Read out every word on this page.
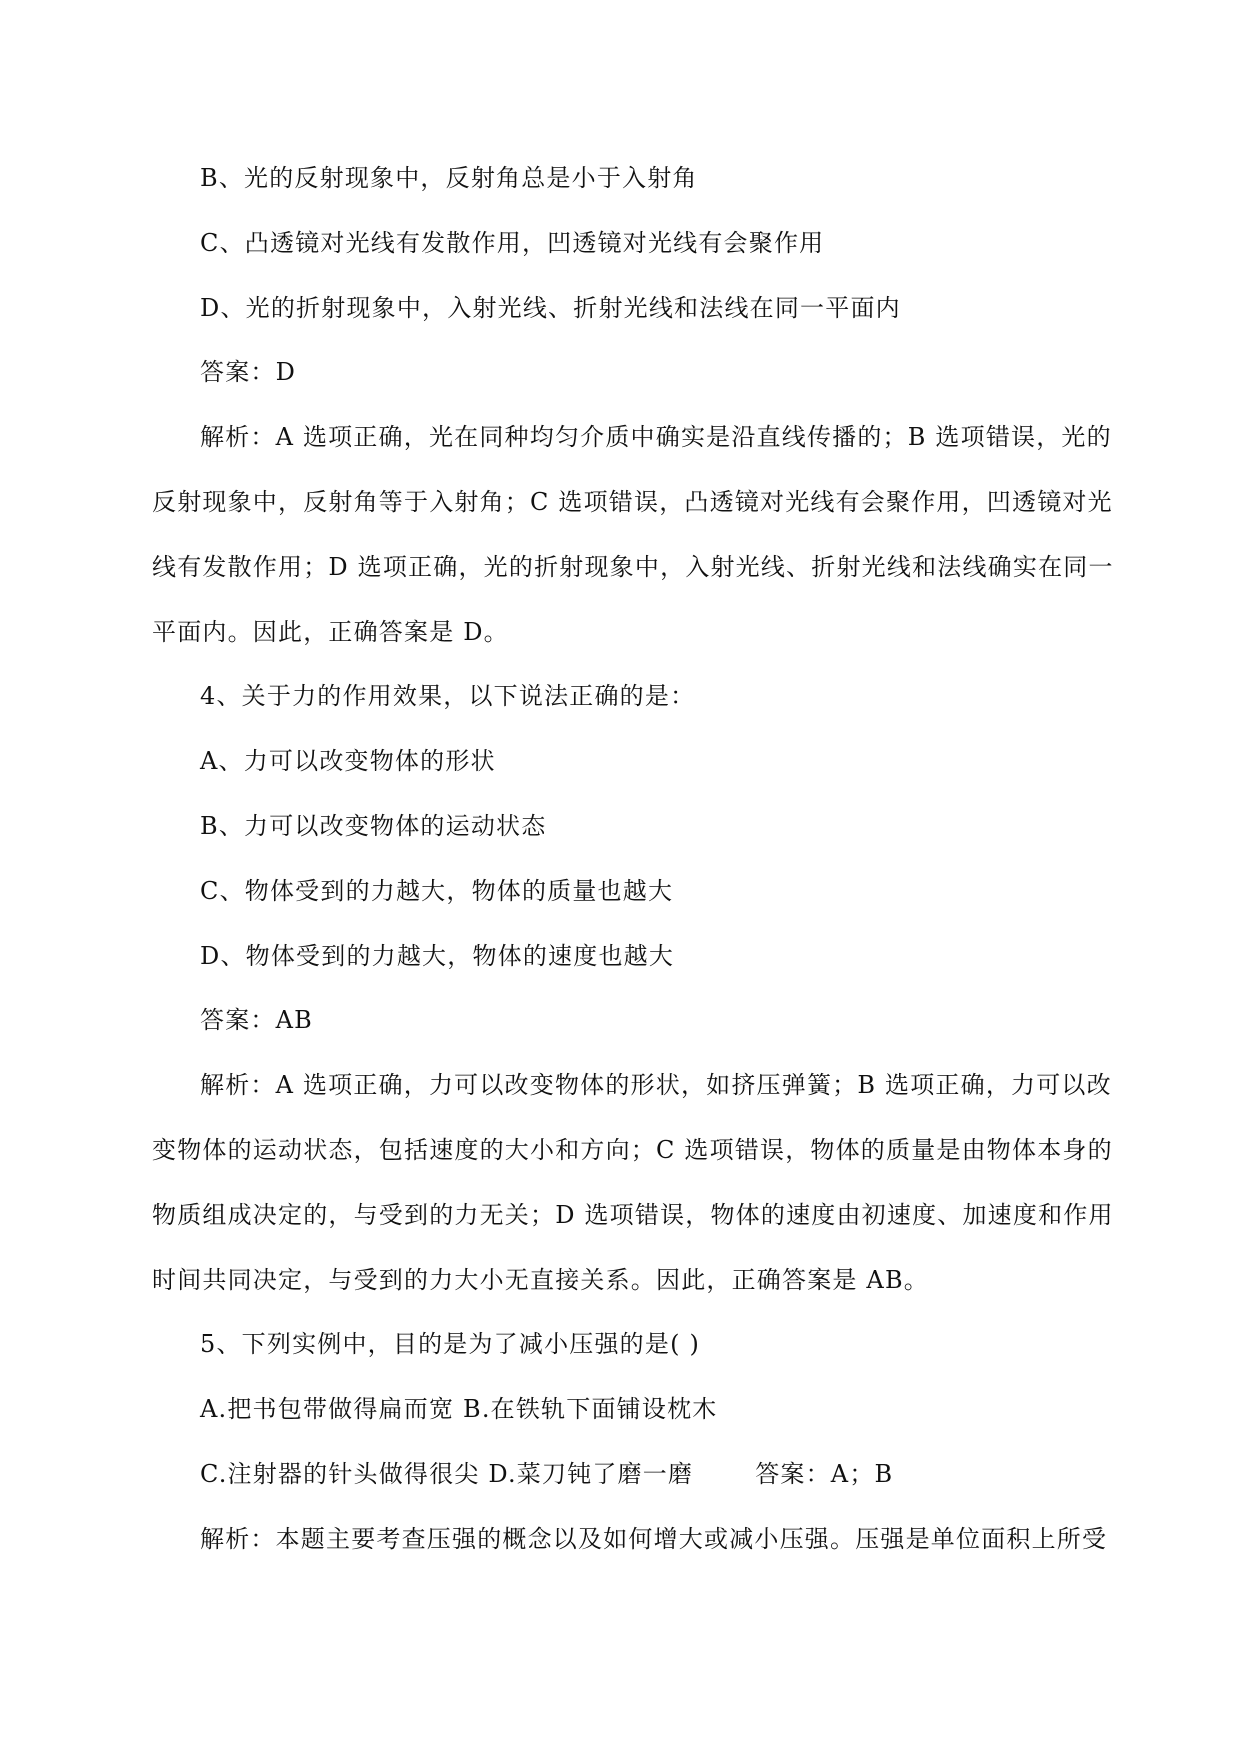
B、光的反射现象中，反射角总是小于入射角
C、凸透镜对光线有发散作用，凹透镜对光线有会聚作用
D、光的折射现象中，入射光线、折射光线和法线在同一平面内
答案：D
解析：A 选项正确，光在同种均匀介质中确实是沿直线传播的；B 选项错误，光的
反射现象中，反射角等于入射角；C 选项错误，凸透镜对光线有会聚作用，凹透镜对光
线有发散作用；D 选项正确，光的折射现象中，入射光线、折射光线和法线确实在同一
平面内。因此，正确答案是 D。
4、关于力的作用效果，以下说法正确的是：
A、力可以改变物体的形状
B、力可以改变物体的运动状态
C、物体受到的力越大，物体的质量也越大
D、物体受到的力越大，物体的速度也越大
答案：AB
解析：A 选项正确，力可以改变物体的形状，如挤压弹簧；B 选项正确，力可以改
变物体的运动状态，包括速度的大小和方向；C 选项错误，物体的质量是由物体本身的
物质组成决定的，与受到的力无关；D 选项错误，物体的速度由初速度、加速度和作用
时间共同决定，与受到的力大小无直接关系。因此，正确答案是 AB。
5、下列实例中，目的是为了减小压强的是( )
A.把书包带做得扁而宽 B.在铁轨下面铺设枕木
C.注射器的针头做得很尖 D.菜刀钝了磨一磨	答案：A；B
解析：本题主要考查压强的概念以及如何增大或减小压强。压强是单位面积上所受
